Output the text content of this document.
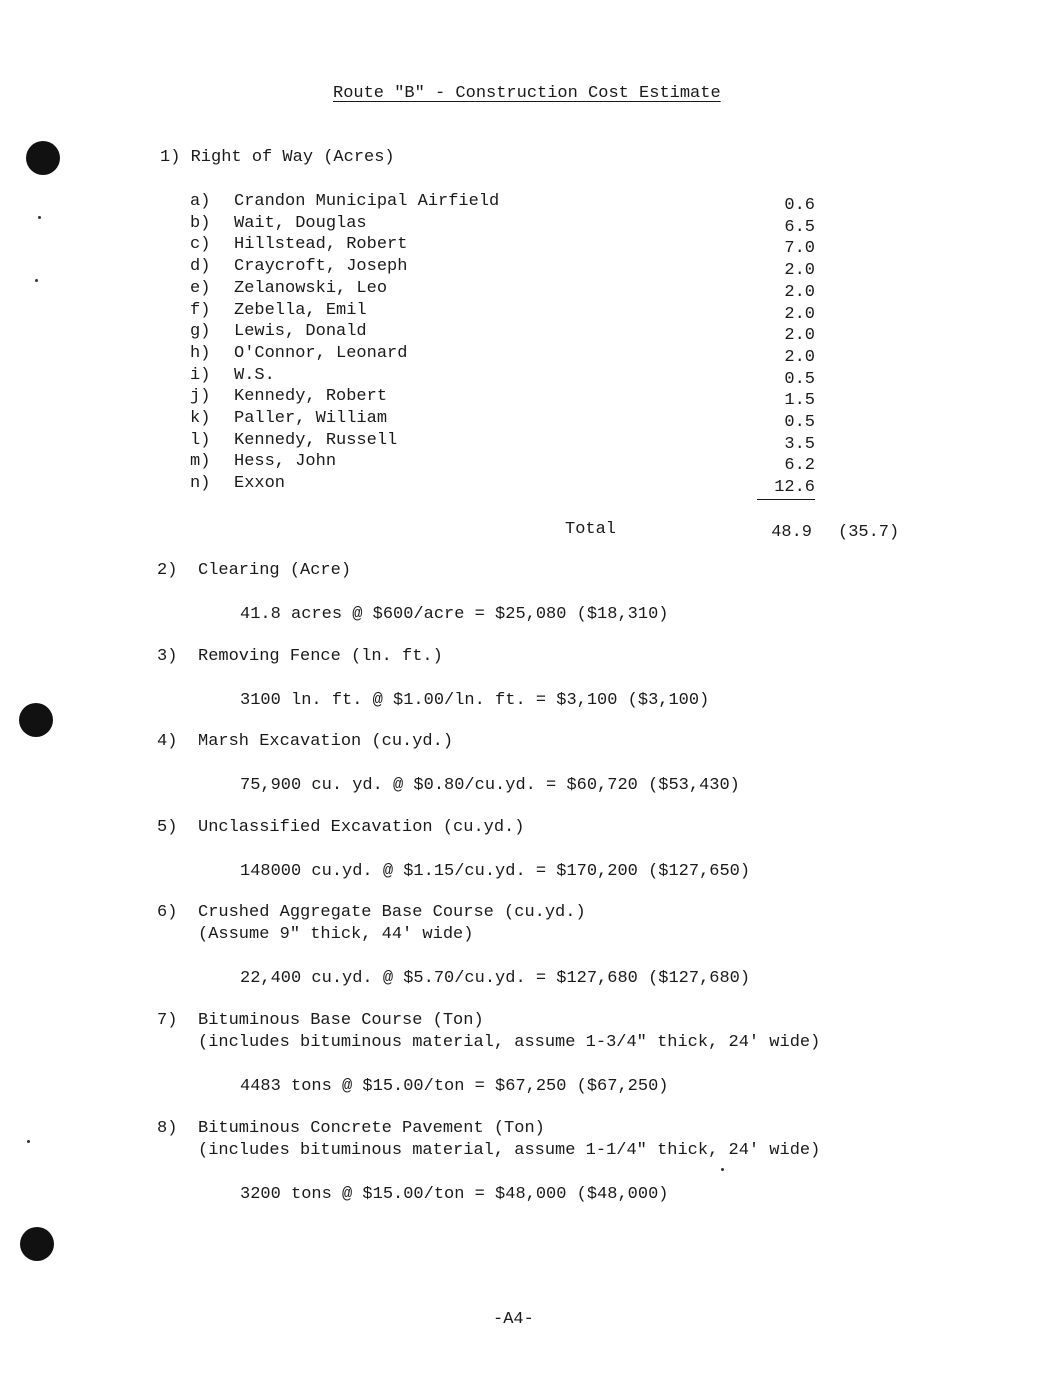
Route "B" - Construction Cost Estimate
1) Right of Way (Acres)
a) Crandon Municipal Airfield	0.6
b) Wait, Douglas	6.5
c) Hillstead, Robert	7.0
d) Craycroft, Joseph	2.0
e) Zelanowski, Leo	2.0
f) Zebella, Emil	2.0
g) Lewis, Donald	2.0
h) O'Connor, Leonard	2.0
i) W.S.	0.5
j) Kennedy, Robert	1.5
k) Paller, William	0.5
l) Kennedy, Russell	3.5
m) Hess, John	6.2
n) Exxon	12.6
Total	48.9 (35.7)
2) Clearing (Acre)
41.8 acres @ $600/acre = $25,080 ($18,310)
3) Removing Fence (ln. ft.)
3100 ln. ft. @ $1.00/ln. ft. = $3,100 ($3,100)
4) Marsh Excavation (cu.yd.)
75,900 cu. yd. @ $0.80/cu.yd. = $60,720 ($53,430)
5) Unclassified Excavation (cu.yd.)
148000 cu.yd. @ $1.15/cu.yd. = $170,200 ($127,650)
6) Crushed Aggregate Base Course (cu.yd.)
(Assume 9" thick, 44' wide)
22,400 cu.yd. @ $5.70/cu.yd. = $127,680 ($127,680)
7) Bituminous Base Course (Ton)
(includes bituminous material, assume 1-3/4" thick, 24' wide)
4483 tons @ $15.00/ton = $67,250 ($67,250)
8) Bituminous Concrete Pavement (Ton)
(includes bituminous material, assume 1-1/4" thick, 24' wide)
3200 tons @ $15.00/ton = $48,000 ($48,000)
-A4-
